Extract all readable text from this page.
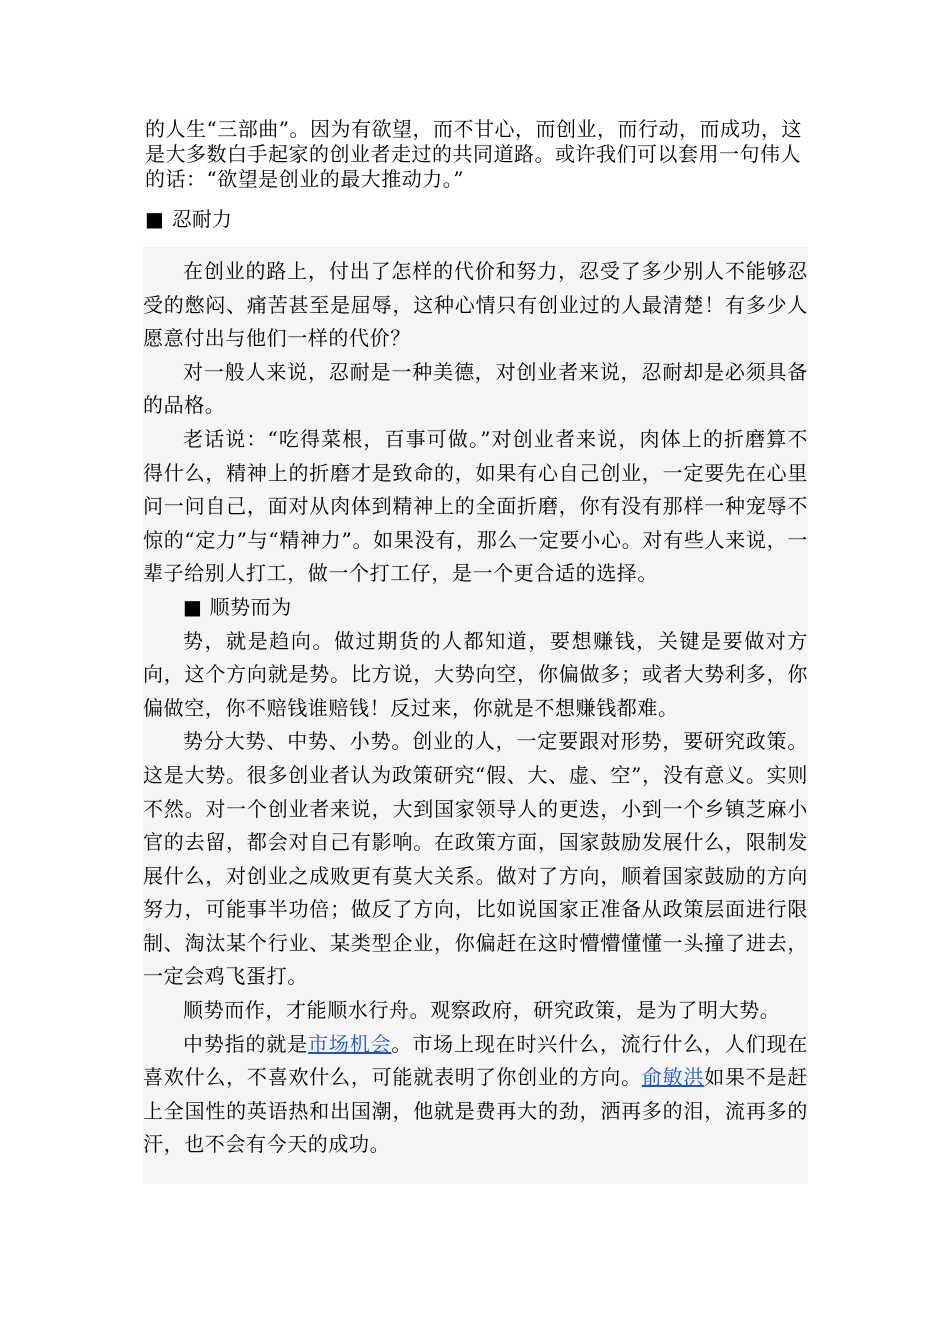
的人生“三部曲”。因为有欲望，而不甘心，而创业，而行动，而成功，这是大多数白手起家的创业者走过的共同道路。或许我们可以套用一句伟人的话：“欲望是创业的最大推动力。”

■ 忍耐力

在创业的路上，付出了怎样的代价和努力，忍受了多少别人不能够忍受的憋闷、痛苦甚至是屈辱，这种心情只有创业过的人最清楚！有多少人愿意付出与他们一样的代价？

对一般人来说，忍耐是一种美德，对创业者来说，忍耐却是必须具备的品格。

老话说：“吃得菜根，百事可做。”对创业者来说，肉体上的折磨算不得什么，精神上的折磨才是致命的，如果有心自己创业，一定要先在心里问一问自己，面对从肉体到精神上的全面折磨，你有没有那样一种宠辱不惊的“定力”与“精神力”。如果没有，那么一定要小心。对有些人来说，一辈子给别人打工，做一个打工仔，是一个更合适的选择。

■ 顺势而为

势，就是趋向。做过期货的人都知道，要想赚钱，关键是要做对方向，这个方向就是势。比方说，大势向空，你偏做多；或者大势利多，你偏做空，你不赔钱谁赔钱！反过来，你就是不想赚钱都难。

势分大势、中势、小势。创业的人，一定要跟对形势，要研究政策。这是大势。很多创业者认为政策研究“假、大、虚、空”，没有意义。实则不然。对一个创业者来说，大到国家领导人的更迭，小到一个乡镇芝麻小官的去留，都会对自己有影响。在政策方面，国家鼓励发展什么，限制发展什么，对创业之成败更有莫大关系。做对了方向，顺着国家鼓励的方向努力，可能事半功倍；做反了方向，比如说国家正准备从政策层面进行限制、淘汰某个行业、某类型企业，你偏赶在这时懵懵懂懂一头撞了进去，一定会鸡飞蛋打。

顺势而作，才能顺水行舟。观察政府，研究政策，是为了明大势。

中势指的就是市场机会。市场上现在时兴什么，流行什么，人们现在喜欢什么，不喜欢什么，可能就表明了你创业的方向。俞敏洪如果不是赶上全国性的英语热和出国潮，他就是费再大的劲，洒再多的泪，流再多的汗，也不会有今天的成功。
